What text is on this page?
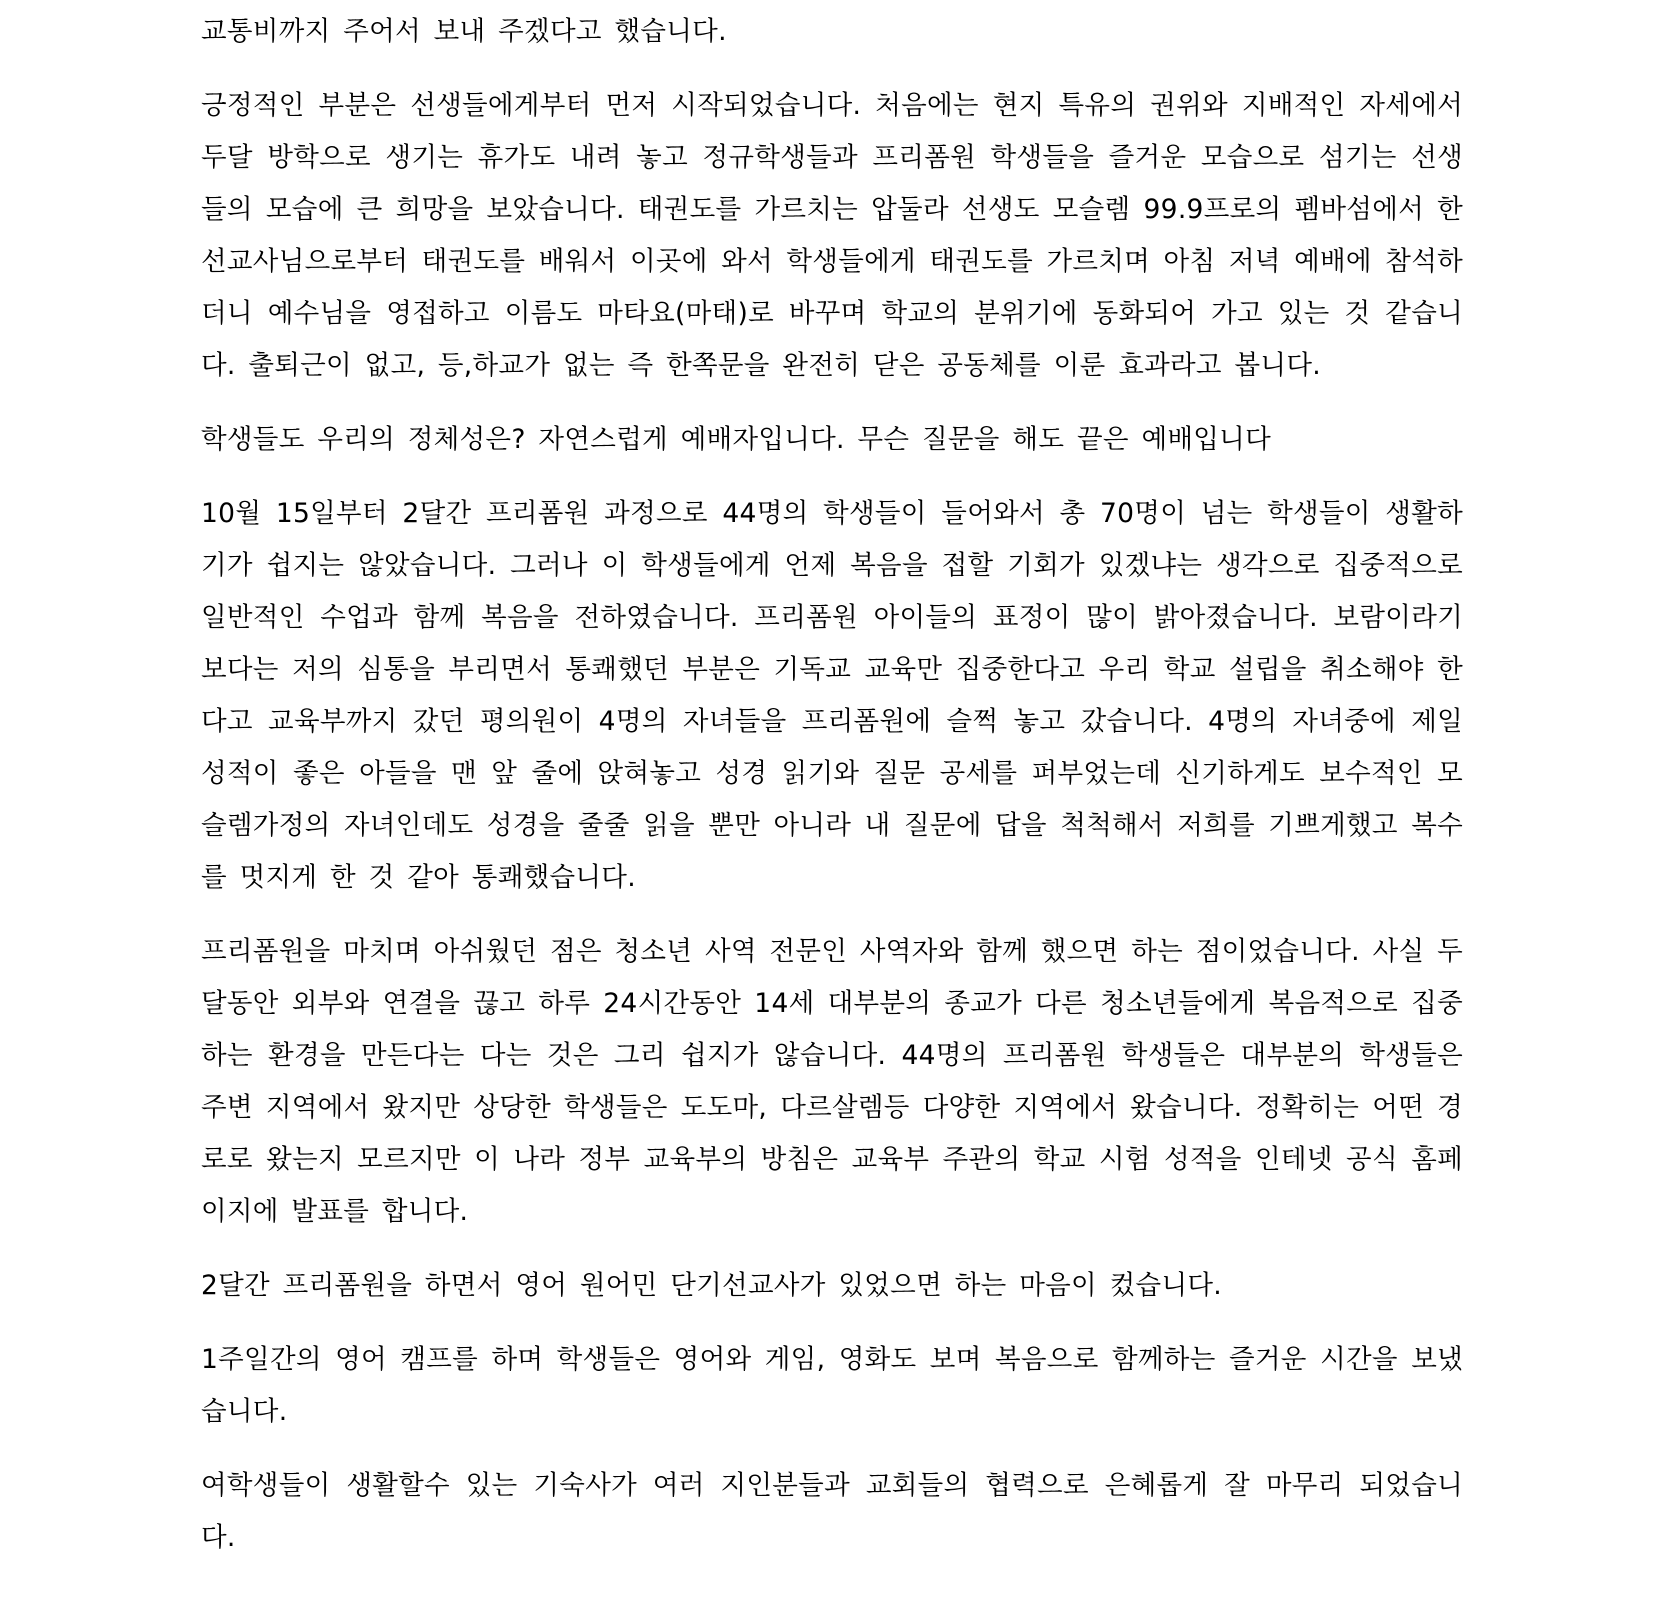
교통비까지 주어서 보내 주겠다고 했습니다.

긍정적인 부분은 선생들에게부터 먼저 시작되었습니다. 처음에는 현지 특유의 권위와 지배적인 자세에서 두달 방학으로 생기는 휴가도 내려 놓고 정규학생들과 프리폼원 학생들을 즐거운 모습으로 섬기는 선생들의 모습에 큰 희망을 보았습니다. 태권도를 가르치는 압둘라 선생도 모슬렘 99.9프로의 펨바섬에서 한 선교사님으로부터 태권도를 배워서 이곳에 와서 학생들에게 태권도를 가르치며 아침 저녁 예배에 참석하더니 예수님을 영접하고 이름도 마타요(마태)로 바꾸며 학교의 분위기에 동화되어 가고 있는 것 같습니다. 출퇴근이 없고, 등,하교가 없는 즉 한쪽문을 완전히 닫은 공동체를 이룬 효과라고 봅니다.

학생들도 우리의 정체성은? 자연스럽게 예배자입니다. 무슨 질문을 해도 끝은 예배입니다

10월 15일부터 2달간 프리폼원 과정으로 44명의 학생들이 들어와서 총 70명이 넘는 학생들이 생활하기가 쉽지는 않았습니다. 그러나 이 학생들에게 언제 복음을 접할 기회가 있겠냐는 생각으로 집중적으로 일반적인 수업과 함께 복음을 전하였습니다. 프리폼원 아이들의 표정이 많이 밝아졌습니다. 보람이라기 보다는 저의 심통을 부리면서 통쾌했던 부분은 기독교 교육만 집중한다고 우리 학교 설립을 취소해야 한다고 교육부까지 갔던 평의원이 4명의 자녀들을 프리폼원에 슬쩍 놓고 갔습니다. 4명의 자녀중에 제일 성적이 좋은 아들을 맨 앞 줄에 앉혀놓고 성경 읽기와 질문 공세를 퍼부었는데 신기하게도 보수적인 모슬렘가정의 자녀인데도 성경을 줄줄 읽을 뿐만 아니라 내 질문에 답을 척척해서 저희를 기쁘게했고 복수를 멋지게 한 것 같아 통쾌했습니다.

프리폼원을 마치며 아쉬웠던 점은 청소년 사역 전문인 사역자와 함께 했으면 하는 점이었습니다. 사실 두달동안 외부와 연결을 끊고 하루 24시간동안 14세 대부분의 종교가 다른 청소년들에게 복음적으로 집중하는 환경을 만든다는 다는 것은 그리 쉽지가 않습니다. 44명의 프리폼원 학생들은 대부분의 학생들은 주변 지역에서 왔지만 상당한 학생들은 도도마, 다르살렘등 다양한 지역에서 왔습니다. 정확히는 어떤 경로로 왔는지 모르지만 이 나라 정부 교육부의 방침은 교육부 주관의 학교 시험 성적을 인테넷 공식 홈페이지에 발표를 합니다.

2달간 프리폼원을 하면서 영어 원어민 단기선교사가 있었으면 하는 마음이 컸습니다.

1주일간의 영어 캠프를 하며 학생들은 영어와 게임, 영화도 보며 복음으로 함께하는 즐거운 시간을 보냈습니다.

여학생들이 생활할수 있는 기숙사가 여러 지인분들과 교회들의 협력으로 은혜롭게 잘 마무리 되었습니다.
